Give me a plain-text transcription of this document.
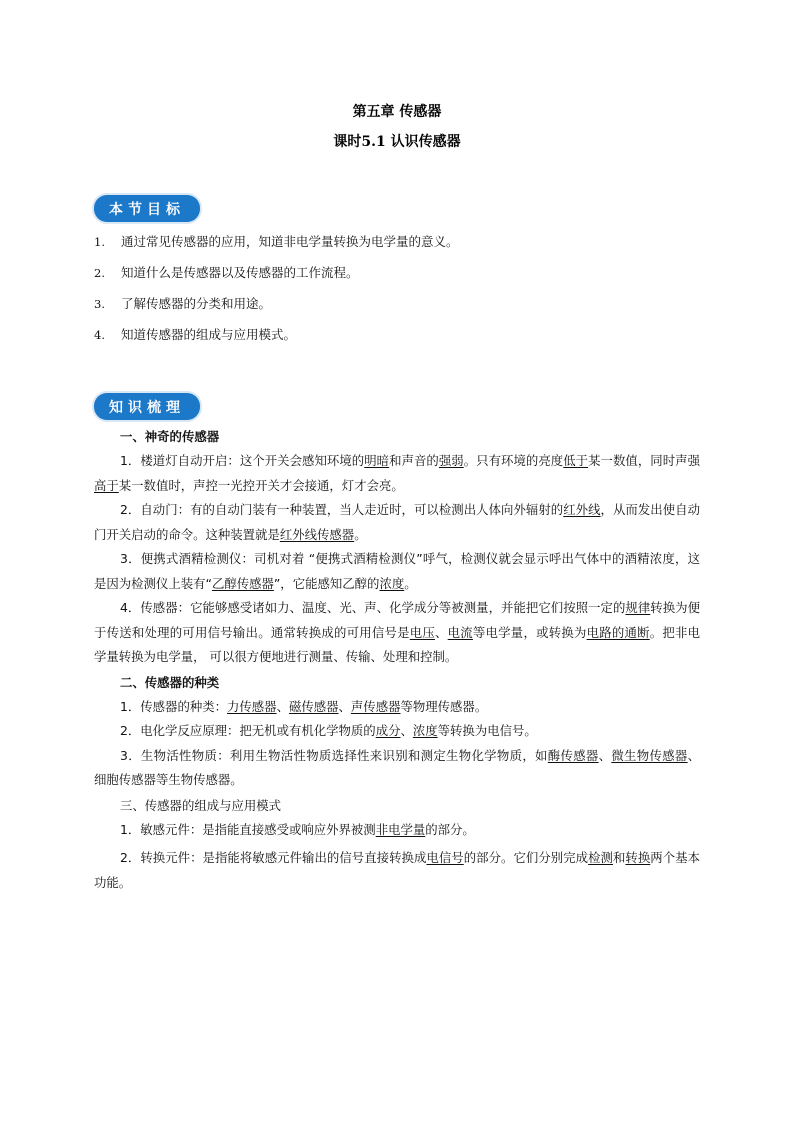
第五章 传感器
课时5.1 认识传感器
本节目标
1.	通过常见传感器的应用，知道非电学量转换为电学量的意义。
2.	知道什么是传感器以及传感器的工作流程。
3.	了解传感器的分类和用途。
4.	知道传感器的组成与应用模式。
知识梳理
一、神奇的传感器
1．楼道灯自动开启：这个开关会感知环境的明暗和声音的强弱。只有环境的亮度低于某一数值，同时声强高于某一数值时，声控一光控开关才会接通，灯才会亮。
2．自动门：有的自动门装有一种装置，当人走近时，可以检测出人体向外辐射的红外线，从而发出使自动 门开关启动的命令。这种装置就是红外线传感器。
3．便携式酒精检测仪：司机对着 “便携式酒精检测仪”呼气，检测仪就会显示呼出气体中的酒精浓度，这是因为检测仪上装有“乙醇传感器”，它能感知乙醇的浓度。
4．传感器：它能够感受诸如力、温度、光、声、化学成分等被测量，并能把它们按照一定的规律转换为便于传送和处理的可用信号输出。通常转换成的可用信号是电压、电流等电学量，或转换为电路的通断。把非电学量转换为电学量， 可以很方便地进行测量、传输、处理和控制。
二、传感器的种类
1．传感器的种类：力传感器、磁传感器、声传感器等物理传感器。
2．电化学反应原理：把无机或有机化学物质的成分、浓度等转换为电信号。
3．生物活性物质：利用生物活性物质选择性来识别和测定生物化学物质，如酶传感器、微生物传感器、 细胞传感器等生物传感器。
三、传感器的组成与应用模式
1．敏感元件：是指能直接感受或响应外界被测非电学量的部分。
2．转换元件：是指能将敏感元件输出的信号直接转换成电信号的部分。它们分别完成检测和转换两个基本功能。
